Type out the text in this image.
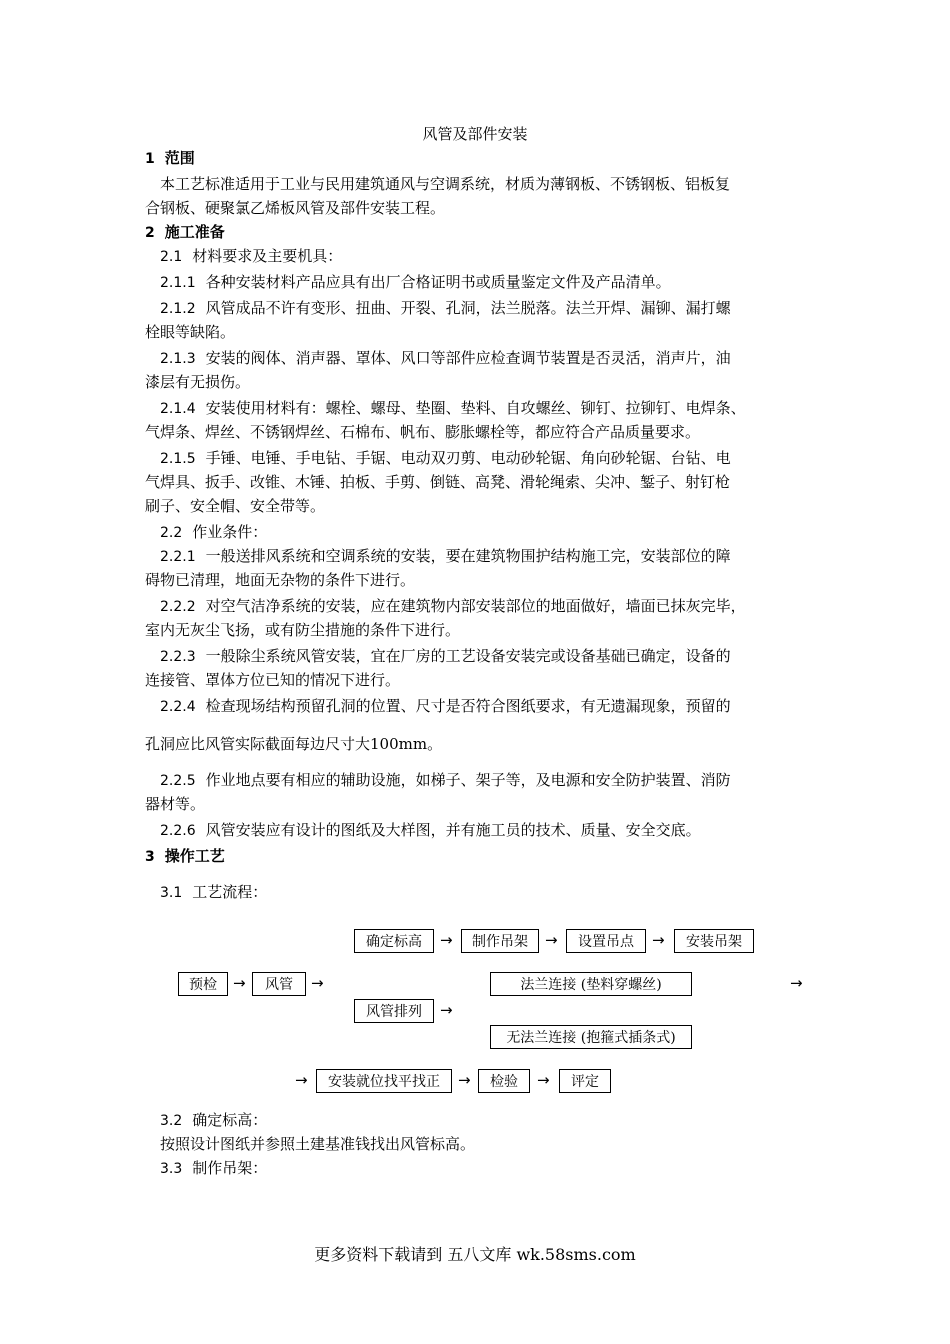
风管及部件安装
1 范围
本工艺标准适用于工业与民用建筑通风与空调系统，材质为薄钢板、不锈钢板、铝板复
合钢板、硬聚氯乙烯板风管及部件安装工程。
2 施工准备
2.1 材料要求及主要机具：
2.1.1 各种安装材料产品应具有出厂合格证明书或质量鉴定文件及产品清单。
2.1.2 风管成品不许有变形、扭曲、开裂、孔洞，法兰脱落。法兰开焊、漏铆、漏打螺
栓眼等缺陷。
2.1.3 安装的阀体、消声器、罩体、风口等部件应检查调节装置是否灵活，消声片，油
漆层有无损伤。
2.1.4 安装使用材料有：螺栓、螺母、垫圈、垫料、自攻螺丝、铆钉、拉铆钉、电焊条、
气焊条、焊丝、不锈钢焊丝、石棉布、帆布、膨胀螺栓等，都应符合产品质量要求。
2.1.5 手锤、电锤、手电钻、手锯、电动双刃剪、电动砂轮锯、角向砂轮锯、台钻、电
气焊具、扳手、改锥、木锤、拍板、手剪、倒链、高凳、滑轮绳索、尖冲、錾子、射钉枪
刷子、安全帽、安全带等。
2.2 作业条件：
2.2.1 一般送排风系统和空调系统的安装，要在建筑物围护结构施工完，安装部位的障
碍物已清理，地面无杂物的条件下进行。
2.2.2 对空气洁净系统的安装，应在建筑物内部安装部位的地面做好，墙面已抹灰完毕，
室内无灰尘飞扬，或有防尘措施的条件下进行。
2.2.3 一般除尘系统风管安装，宜在厂房的工艺设备安装完或设备基础已确定，设备的
连接管、罩体方位已知的情况下进行。
2.2.4 检查现场结构预留孔洞的位置、尺寸是否符合图纸要求，有无遗漏现象，预留的
孔洞应比风管实际截面每边尺寸大100mm。
2.2.5 作业地点要有相应的辅助设施，如梯子、架子等，及电源和安全防护装置、消防
器材等。
2.2.6 风管安装应有设计的图纸及大样图，并有施工员的技术、质量、安全交底。
3 操作工艺
3.1 工艺流程：
确定标高	→	制作吊架	→	设置吊点	→	安装吊架
预检	→	风管	→	法兰连接 (垫料穿螺丝)	→
风管排列	→
无法兰连接 (抱箍式插条式)
→	安装就位找平找正	→	检验	→	评定
3.2 确定标高：
按照设计图纸并参照土建基准钱找出风管标高。
3.3 制作吊架：
更多资料下载请到 五八文库 wk.58sms.com
